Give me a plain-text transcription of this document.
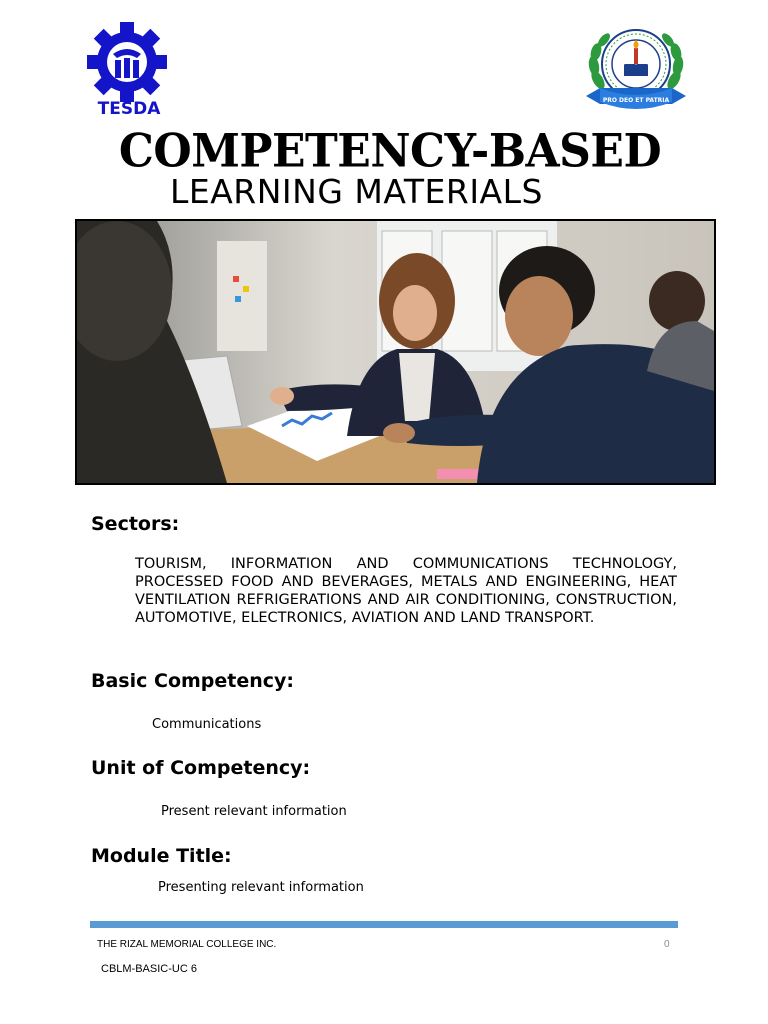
TESDA	PRO DEO ET PATRIA
COMPETENCY-BASED
LEARNING MATERIALS
Sectors:
TOURISM, INFORMATION AND COMMUNICATIONS TECHNOLOGY, PROCESSED FOOD AND BEVERAGES, METALS AND ENGINEERING, HEAT VENTILATION REFRIGERATIONS AND AIR CONDITIONING, CONSTRUCTION, AUTOMOTIVE, ELECTRONICS, AVIATION AND LAND TRANSPORT.
Basic Competency:
Communications
Unit of Competency:
Present relevant information
Module Title:
Presenting relevant information
THE RIZAL MEMORIAL COLLEGE INC.	0
CBLM-BASIC-UC 6
